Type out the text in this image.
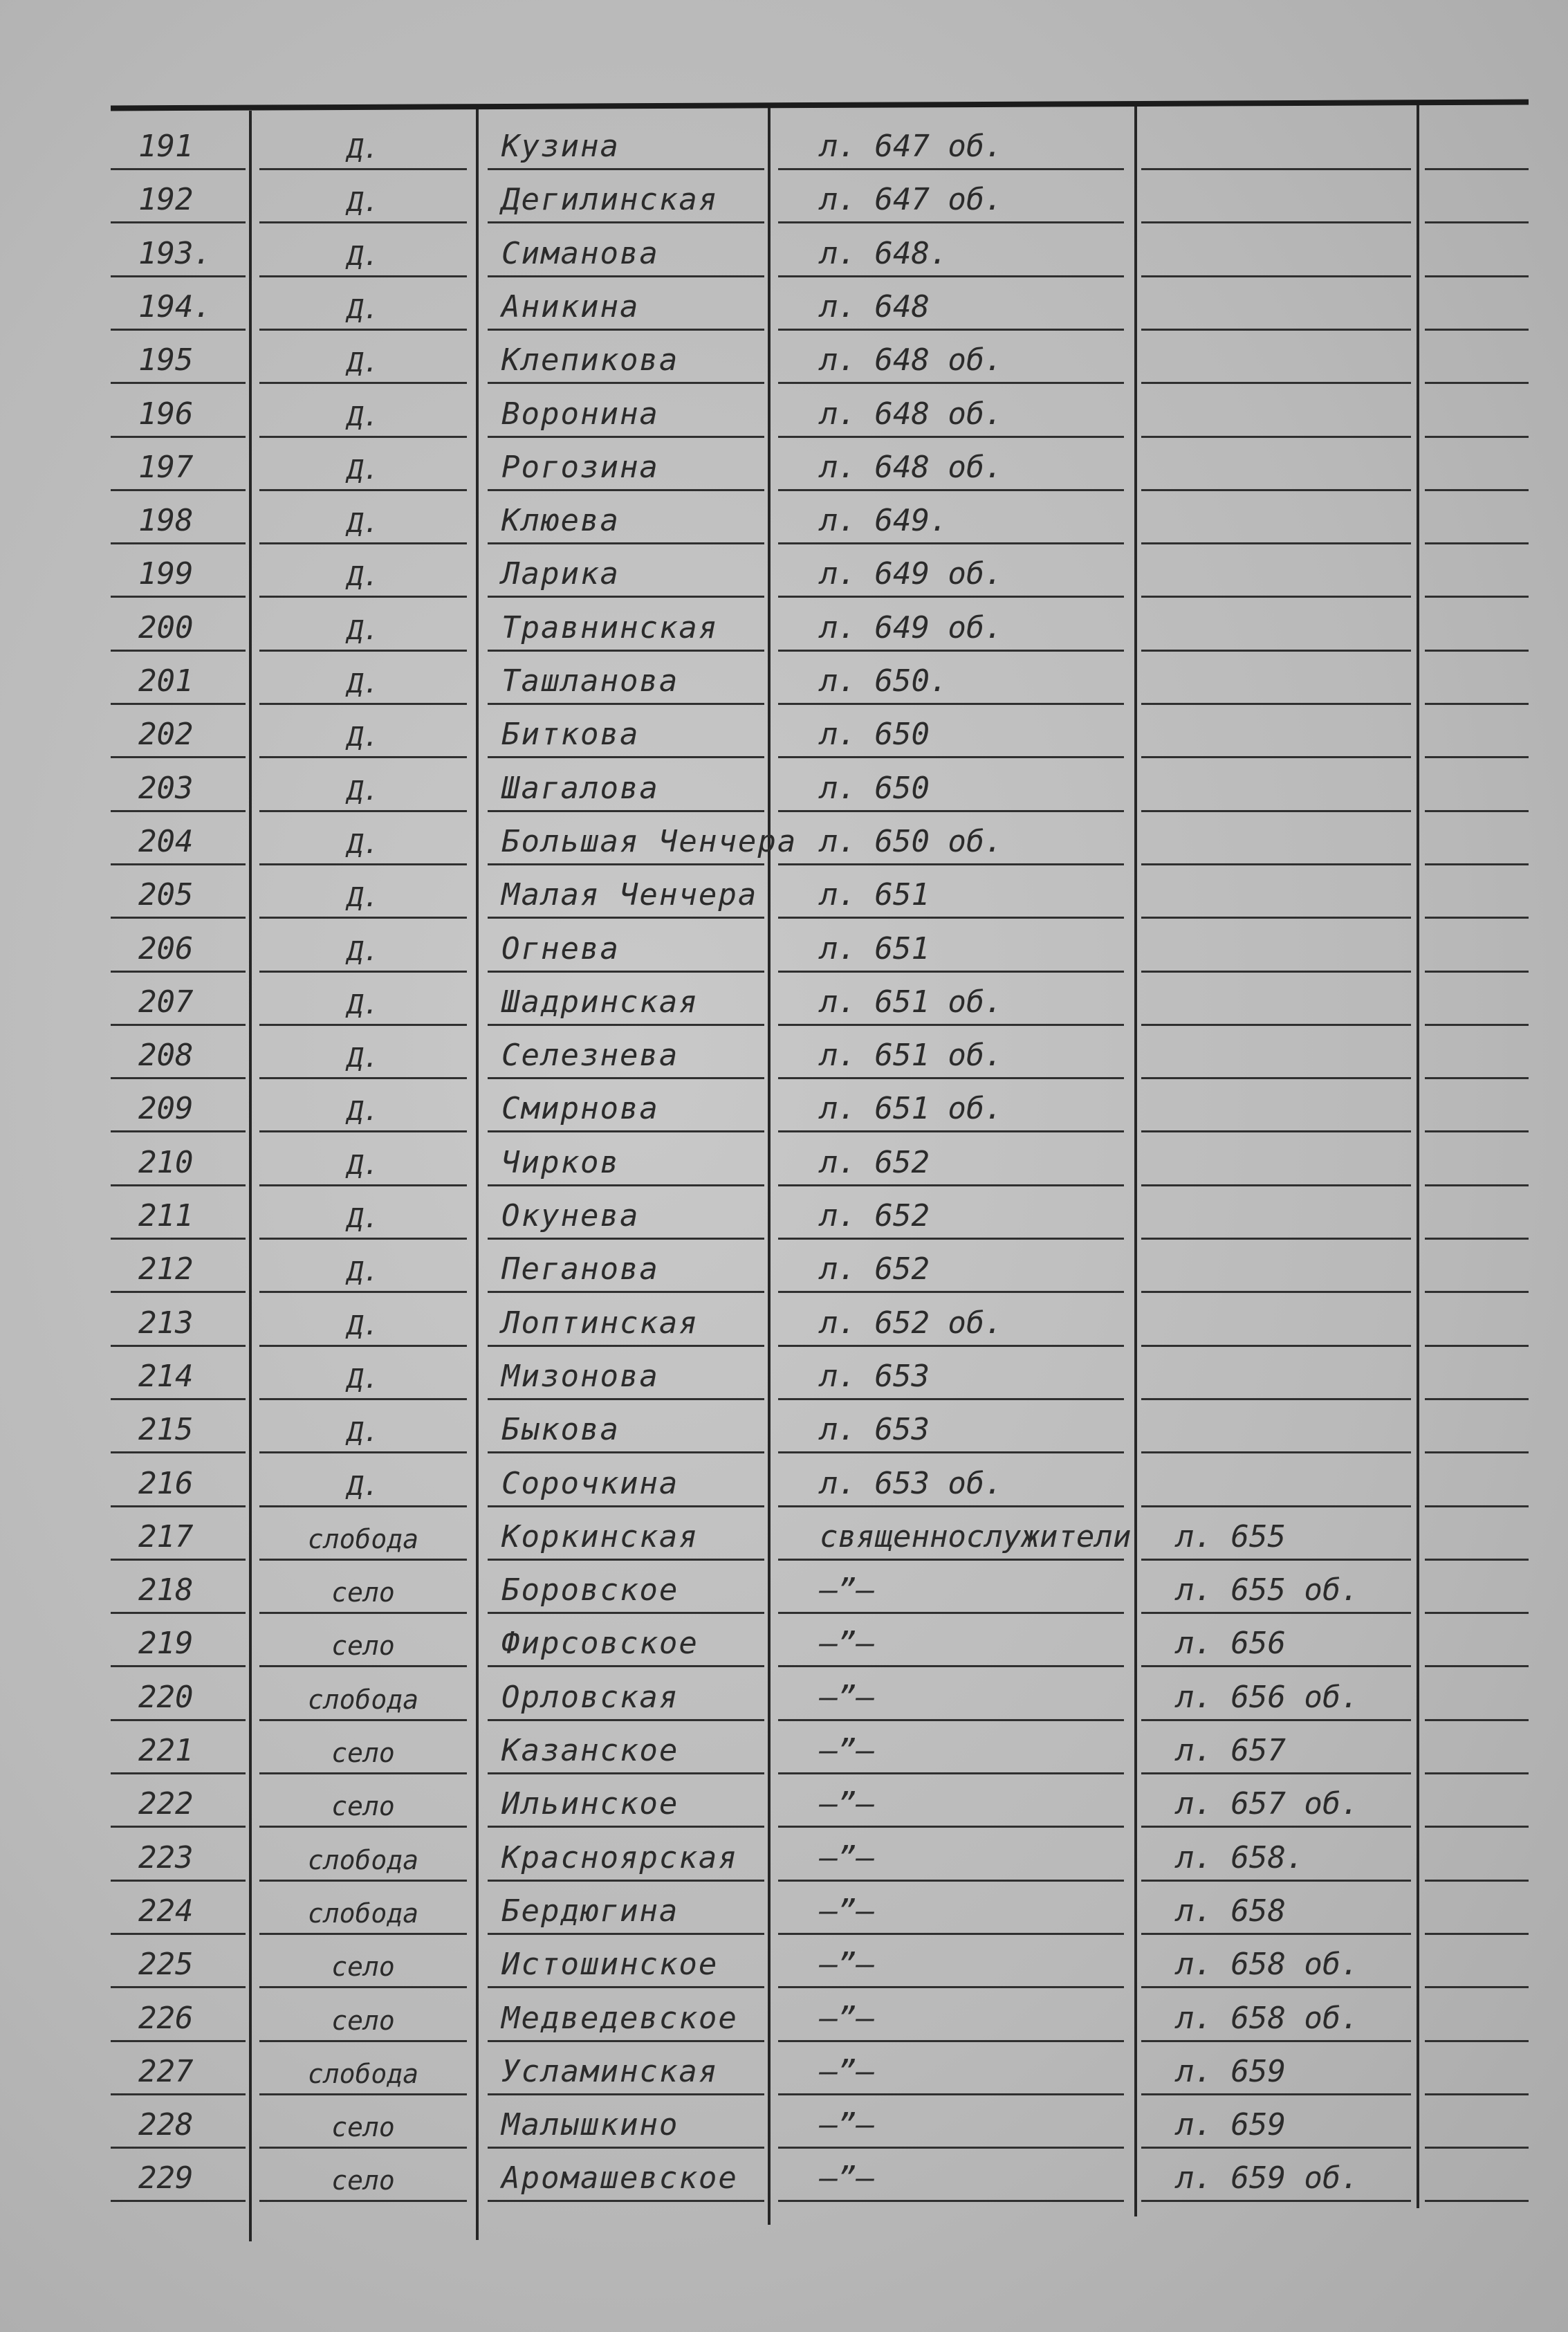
191	Д.	Кузина	л. 647 об.
192	Д.	Дегилинская	л. 647 об.
193.	Д.	Симанова	л. 648.
194.	Д.	Аникина	л. 648
195	Д.	Клепикова	л. 648 об.
196	Д.	Воронина	л. 648 об.
197	Д.	Рогозина	л. 648 об.
198	Д.	Клюева	л. 649.
199	Д.	Ларика	л. 649 об.
200	Д.	Травнинская	л. 649 об.
201	Д.	Ташланова	л. 650.
202	Д.	Биткова	л. 650
203	Д.	Шагалова	л. 650
204	Д.	Большая Ченчера л. 650 об.
205	Д.	Малая Ченчера	л. 651
206	Д.	Огнева	л. 651
207	Д.	Шадринская	л. 651 об.
208	Д.	Селезнева	л. 651 об.
209	Д.	Смирнова	л. 651 об.
210	Д.	Чирков	л. 652
211	Д.	Окунева	л. 652
212	Д.	Пеганова	л. 652
213	Д.	Лоптинская	л. 652 об.
214	Д.	Мизонова	л. 653
215	Д.	Быкова	л. 653
216	Д.	Сорочкина	л. 653 об.
217	слобода	Коркинская	священнослужители	л. 655
218	село	Боровское	—”—	л. 655 об.
219	село	Фирсовское	—”—	л. 656
220	слобода	Орловская	—”—	л. 656 об.
221	село	Казанское	—”—	л. 657
222	село	Ильинское	—”—	л. 657 об.
223	слобода	Красноярская	—”—	л. 658.
224	слобода	Бердюгина	—”—	л. 658
225	село	Истошинское	—”—	л. 658 об.
226	село	Медведевское	—”—	л. 658 об.
227	слобода	Усламинская	—”—	л. 659
228	село	Малышкино	—”—	л. 659
229	село	Аромашевское	—”—	л. 659 об.
